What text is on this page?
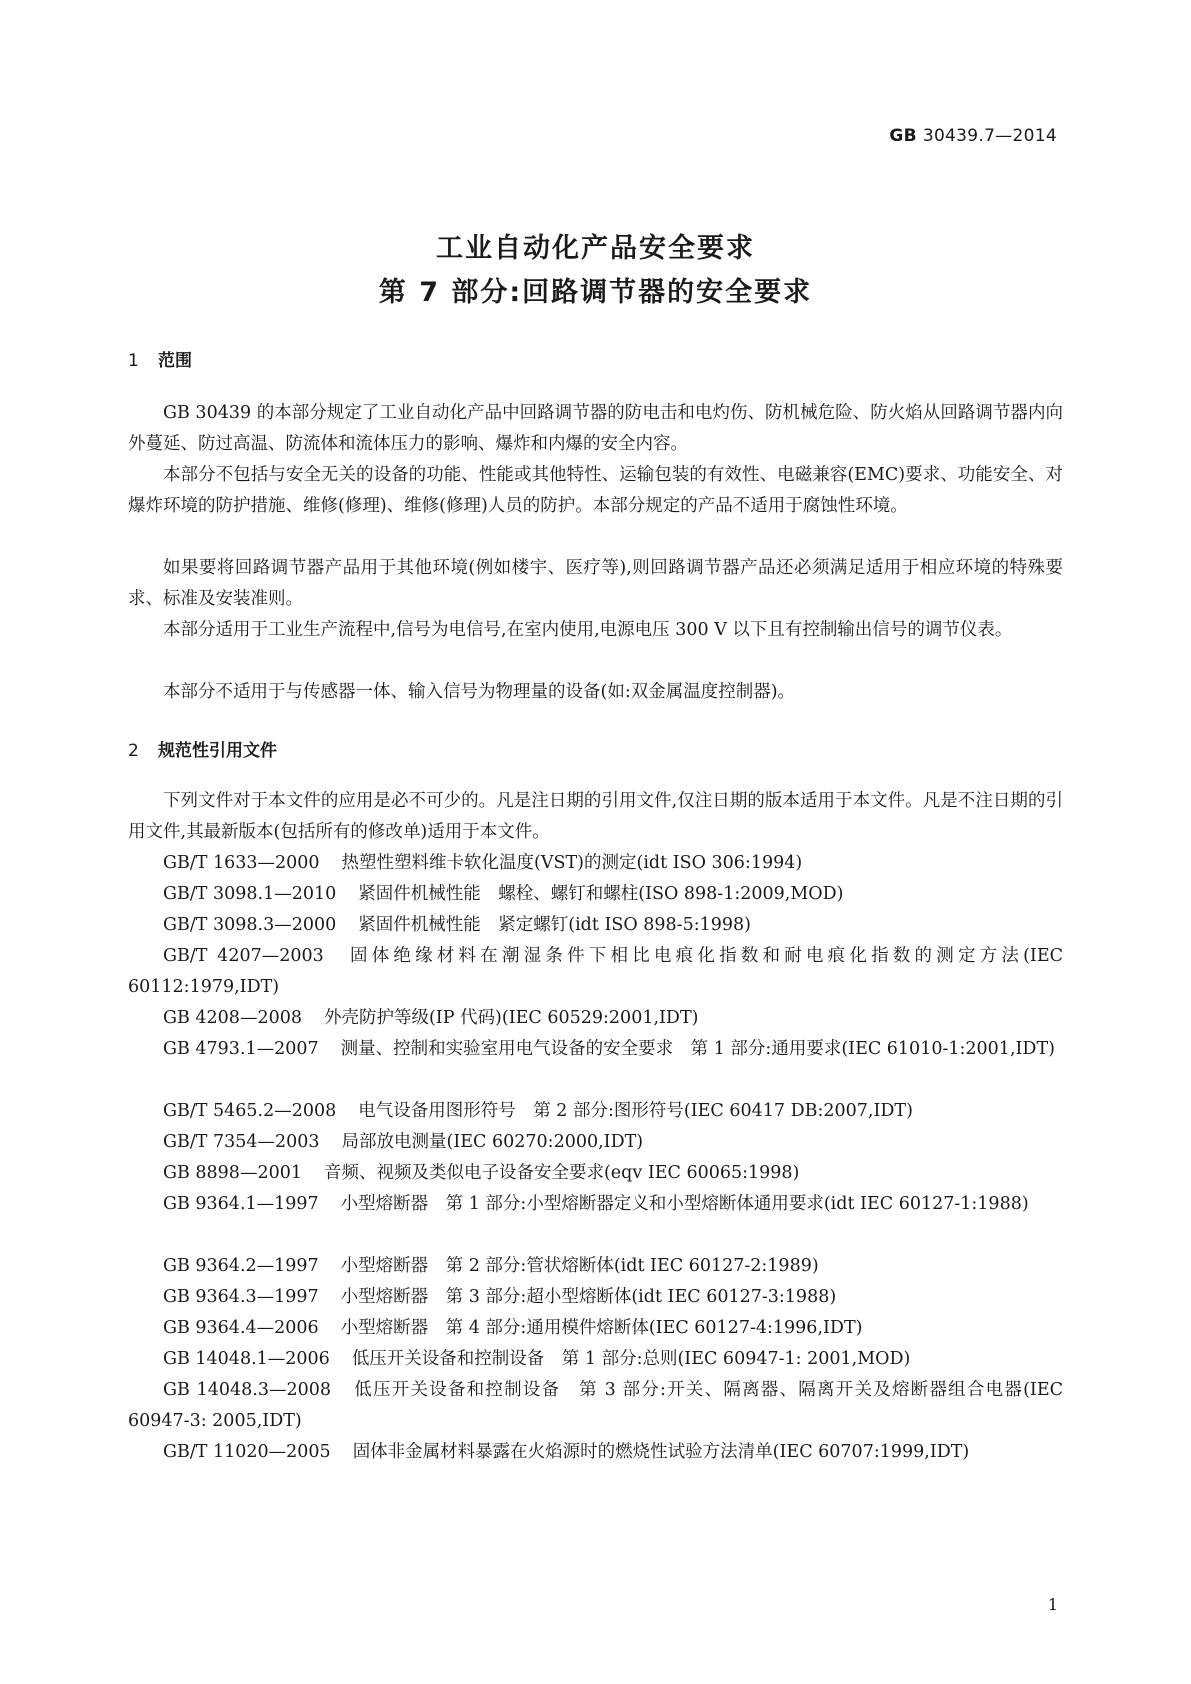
GB 30439.7—2014
工业自动化产品安全要求
第 7 部分:回路调节器的安全要求
1 范围
GB 30439 的本部分规定了工业自动化产品中回路调节器的防电击和电灼伤、防机械危险、防火焰从回路调节器内向外蔓延、防过高温、防流体和流体压力的影响、爆炸和内爆的安全内容。
本部分不包括与安全无关的设备的功能、性能或其他特性、运输包装的有效性、电磁兼容(EMC)要求、功能安全、对爆炸环境的防护措施、维修(修理)、维修(修理)人员的防护。本部分规定的产品不适用于腐蚀性环境。
如果要将回路调节器产品用于其他环境(例如楼宇、医疗等),则回路调节器产品还必须满足适用于相应环境的特殊要求、标准及安装准则。
本部分适用于工业生产流程中,信号为电信号,在室内使用,电源电压 300 V 以下且有控制输出信号的调节仪表。
本部分不适用于与传感器一体、输入信号为物理量的设备(如:双金属温度控制器)。
2 规范性引用文件
下列文件对于本文件的应用是必不可少的。凡是注日期的引用文件,仅注日期的版本适用于本文件。凡是不注日期的引用文件,其最新版本(包括所有的修改单)适用于本文件。
GB/T 1633—2000 热塑性塑料维卡软化温度(VST)的测定(idt ISO 306:1994)
GB/T 3098.1—2010 紧固件机械性能　螺栓、螺钉和螺柱(ISO 898-1:2009,MOD)
GB/T 3098.3—2000 紧固件机械性能　紧定螺钉(idt ISO 898-5:1998)
GB/T 4207—2003 固体绝缘材料在潮湿条件下相比电痕化指数和耐电痕化指数的测定方法(IEC 60112:1979,IDT)
GB 4208—2008 外壳防护等级(IP 代码)(IEC 60529:2001,IDT)
GB 4793.1—2007 测量、控制和实验室用电气设备的安全要求　第 1 部分:通用要求(IEC 61010-1:2001,IDT)
GB/T 5465.2—2008 电气设备用图形符号　第 2 部分:图形符号(IEC 60417 DB:2007,IDT)
GB/T 7354—2003 局部放电测量(IEC 60270:2000,IDT)
GB 8898—2001 音频、视频及类似电子设备安全要求(eqv IEC 60065:1998)
GB 9364.1—1997 小型熔断器　第 1 部分:小型熔断器定义和小型熔断体通用要求(idt IEC 60127-1:1988)
GB 9364.2—1997 小型熔断器　第 2 部分:管状熔断体(idt IEC 60127-2:1989)
GB 9364.3—1997 小型熔断器　第 3 部分:超小型熔断体(idt IEC 60127-3:1988)
GB 9364.4—2006 小型熔断器　第 4 部分:通用模件熔断体(IEC 60127-4:1996,IDT)
GB 14048.1—2006 低压开关设备和控制设备　第 1 部分:总则(IEC 60947-1: 2001,MOD)
GB 14048.3—2008 低压开关设备和控制设备　第 3 部分:开关、隔离器、隔离开关及熔断器组合电器(IEC 60947-3: 2005,IDT)
GB/T 11020—2005 固体非金属材料暴露在火焰源时的燃烧性试验方法清单(IEC 60707:1999,IDT)
1
